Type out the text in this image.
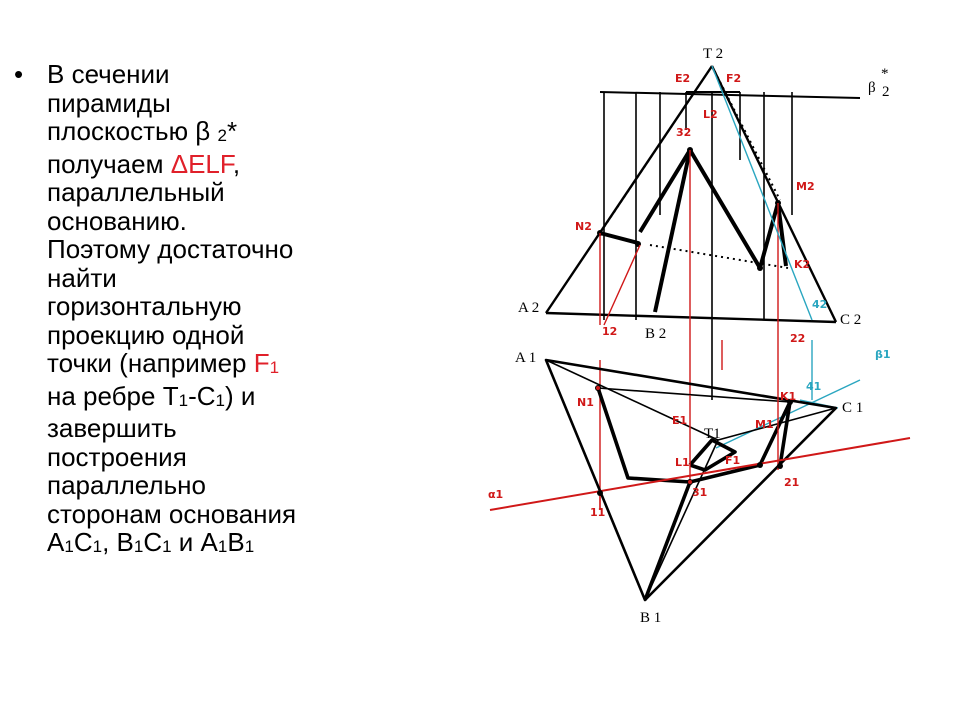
• В сечении
пирамиды
плоскостью β $_2$*
получаем ΔELF,
параллельный
основанию.
Поэтому достаточно
найти
горизонтальную
проекцию одной
точки (например $F_1$
на ребре $T_1-C_1$) и
завершить
построения
параллельно
сторонам основания
$A_1C_1$, $B_1C_1$ и $A_1B_1$
T 2
β 2
*
E2	F2
L2
32
M2
N2
K2
42
A 2
B 2
C 2
12
22
A 1
B 1
C 1
T1
β1
41
K1
N1
M1
E1
L1	F1
31
21
11
α1
